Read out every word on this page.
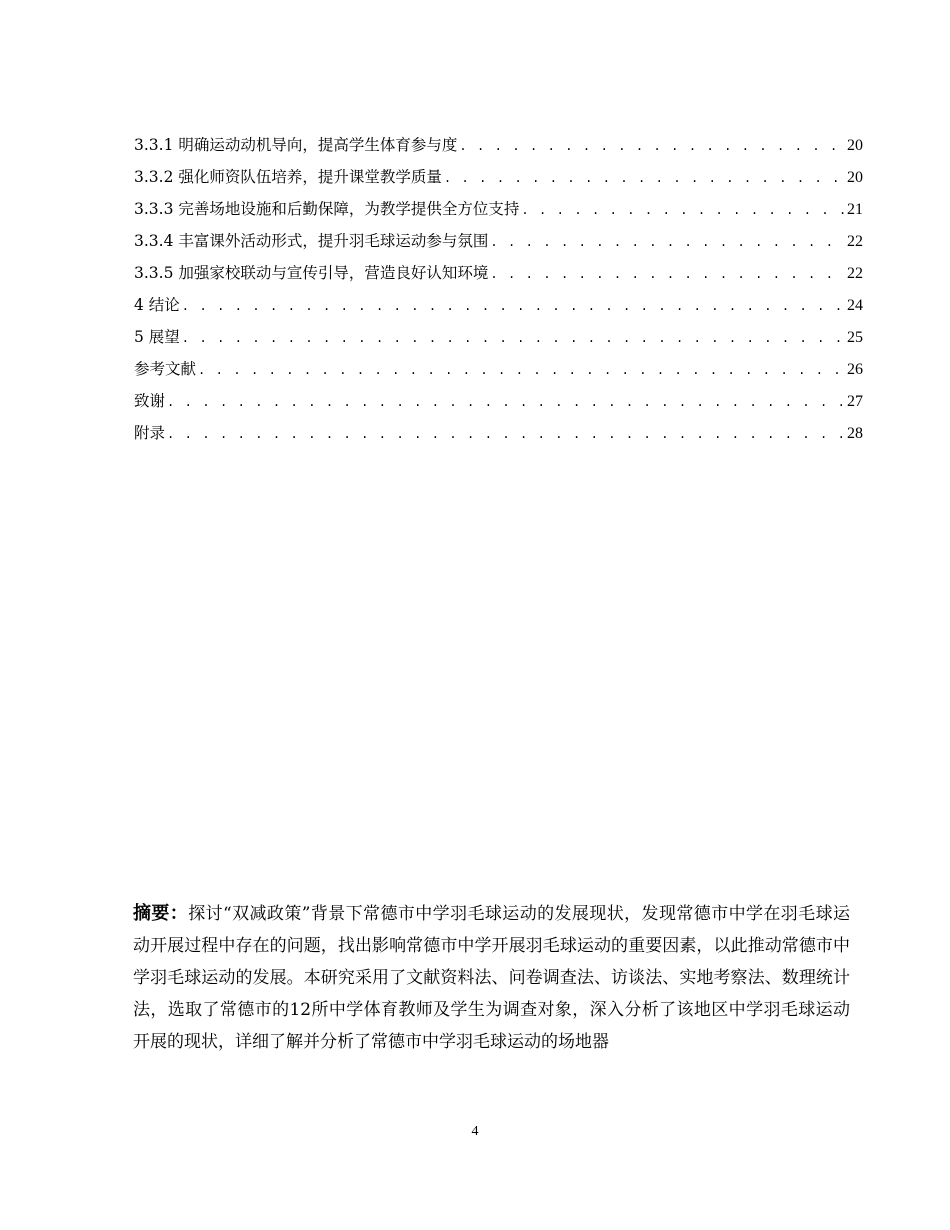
3.3.1 明确运动动机导向，提高学生体育参与度 . . .	20
3.3.2 强化师资队伍培养，提升课堂教学质量 . . .	20
3.3.3 完善场地设施和后勤保障，为教学提供全方位支持 . . .	21
3.3.4 丰富课外活动形式，提升羽毛球运动参与氛围 . . .	22
3.3.5 加强家校联动与宣传引导，营造良好认知环境 . . .	22
4 结论 . . .	24
5 展望 . . .	25
参考文献 . . .	26
致谢 . . .	27
附录 . . .	28
摘要：探讨“双减政策”背景下常德市中学羽毛球运动的发展现状，发现常德市中学在羽毛球运动开展过程中存在的问题，找出影响常德市中学开展羽毛球运动的重要因素，以此推动常德市中学羽毛球运动的发展。本研究采用了文献资料法、问卷调查法、访谈法、实地考察法、数理统计法，选取了常德市的12所中学体育教师及学生为调查对象，深入分析了该地区中学羽毛球运动开展的现状，详细了解并分析了常德市中学羽毛球运动的场地器
4
